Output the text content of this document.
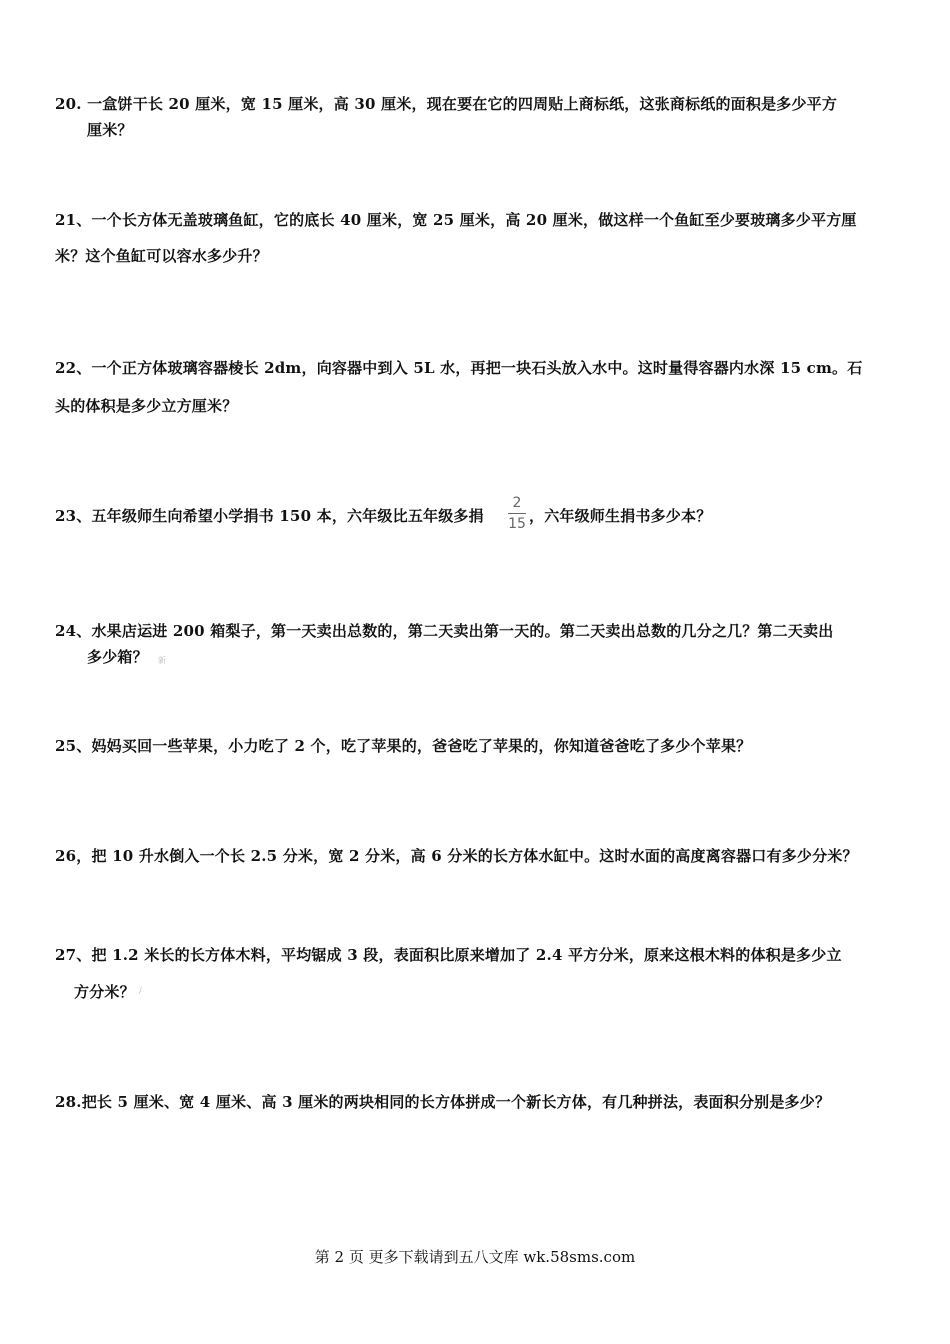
20. 一盒饼干长 20 厘米，宽 15 厘米，高 30 厘米，现在要在它的四周贴上商标纸，这张商标纸的面积是多少平方
厘米？
21、一个长方体无盖玻璃鱼缸，它的底长 40 厘米，宽 25 厘米，高 20 厘米，做这样一个鱼缸至少要玻璃多少平方厘
米？这个鱼缸可以容水多少升？
22、一个正方体玻璃容器棱长 2dm，向容器中到入 5L 水，再把一块石头放入水中。这时量得容器内水深 15 cm。石
头的体积是多少立方厘米？
23、五年级师生向希望小学捐书 150 本，六年级比五年级多捐
2
15 ，六年级师生捐书多少本？
24、水果店运进 200 箱梨子，第一天卖出总数的，第二天卖出第一天的。第二天卖出总数的几分之几？第二天卖出
多少箱？ 新
25、妈妈买回一些苹果，小力吃了 2 个，吃了苹果的，爸爸吃了苹果的，你知道爸爸吃了多少个苹果？
26，把 10 升水倒入一个长 2.5 分米，宽 2 分米，高 6 分米的长方体水缸中。这时水面的高度离容器口有多少分米？
27、把 1.2 米长的长方体木料，平均锯成 3 段，表面积比原来增加了 2.4 平方分米，原来这根木料的体积是多少立
方分米？ /
28.把长 5 厘米、宽 4 厘米、高 3 厘米的两块相同的长方体拼成一个新长方体，有几种拼法，表面积分别是多少？
第 2 页 更多下载请到五八文库 wk.58sms.com
